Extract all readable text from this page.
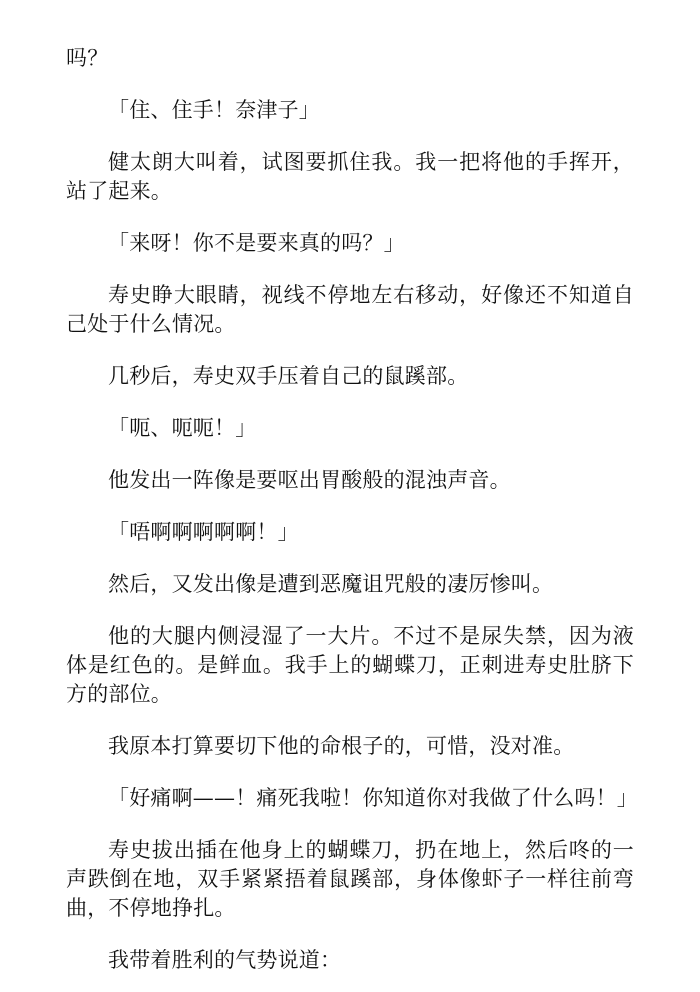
吗？

「住、住手！奈津子」

健太朗大叫着，试图要抓住我。我一把将他的手挥开，站了起来。

「来呀！你不是要来真的吗？」

寿史睁大眼睛，视线不停地左右移动，好像还不知道自己处于什么情况。

几秒后，寿史双手压着自己的鼠蹊部。

「呃、呃呃！」

他发出一阵像是要呕出胃酸般的混浊声音。

「唔啊啊啊啊啊！」

然后，又发出像是遭到恶魔诅咒般的凄厉惨叫。

他的大腿内侧浸湿了一大片。不过不是尿失禁，因为液体是红色的。是鲜血。我手上的蝴蝶刀，正刺进寿史肚脐下方的部位。

我原本打算要切下他的命根子的，可惜，没对准。

「好痛啊——！痛死我啦！你知道你对我做了什么吗！」

寿史拔出插在他身上的蝴蝶刀，扔在地上，然后咚的一声跌倒在地，双手紧紧捂着鼠蹊部，身体像虾子一样往前弯曲，不停地挣扎。

我带着胜利的气势说道：
